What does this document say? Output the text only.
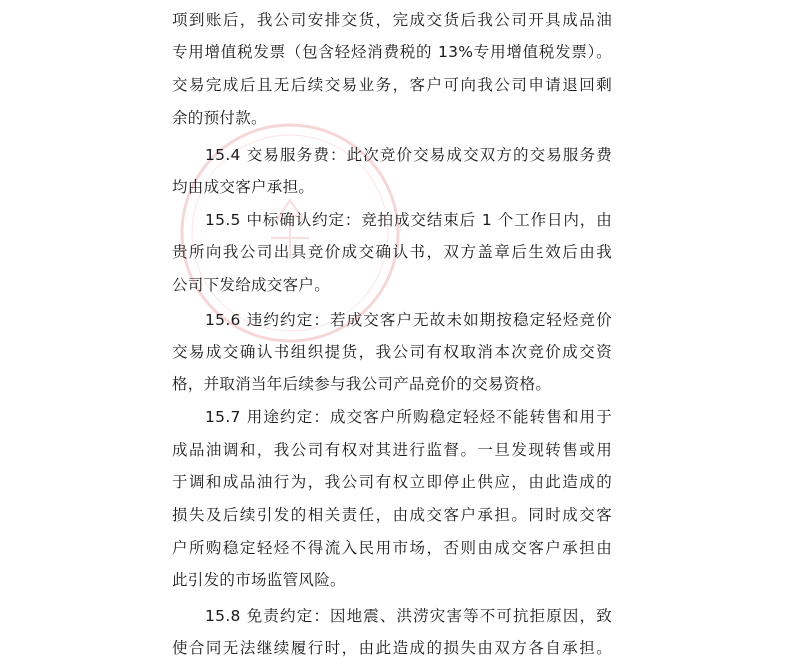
项到账后，我公司安排交货，完成交货后我公司开具成品油

专用增值税发票（包含轻烃消费税的 13%专用增值税发票）。

交易完成后且无后续交易业务，客户可向我公司申请退回剩

余的预付款。

15.4 交易服务费：此次竞价交易成交双方的交易服务费

均由成交客户承担。

15.5 中标确认约定：竞拍成交结束后 1 个工作日内，由

贵所向我公司出具竞价成交确认书，双方盖章后生效后由我

公司下发给成交客户。

15.6 违约约定：若成交客户无故未如期按稳定轻烃竞价

交易成交确认书组织提货，我公司有权取消本次竞价成交资

格，并取消当年后续参与我公司产品竞价的交易资格。

15.7 用途约定：成交客户所购稳定轻烃不能转售和用于

成品油调和，我公司有权对其进行监督。一旦发现转售或用

于调和成品油行为，我公司有权立即停止供应，由此造成的

损失及后续引发的相关责任，由成交客户承担。同时成交客

户所购稳定轻烃不得流入民用市场，否则由成交客户承担由

此引发的市场监管风险。

15.8 免责约定：因地震、洪涝灾害等不可抗拒原因，致

使合同无法继续履行时，由此造成的损失由双方各自承担。
